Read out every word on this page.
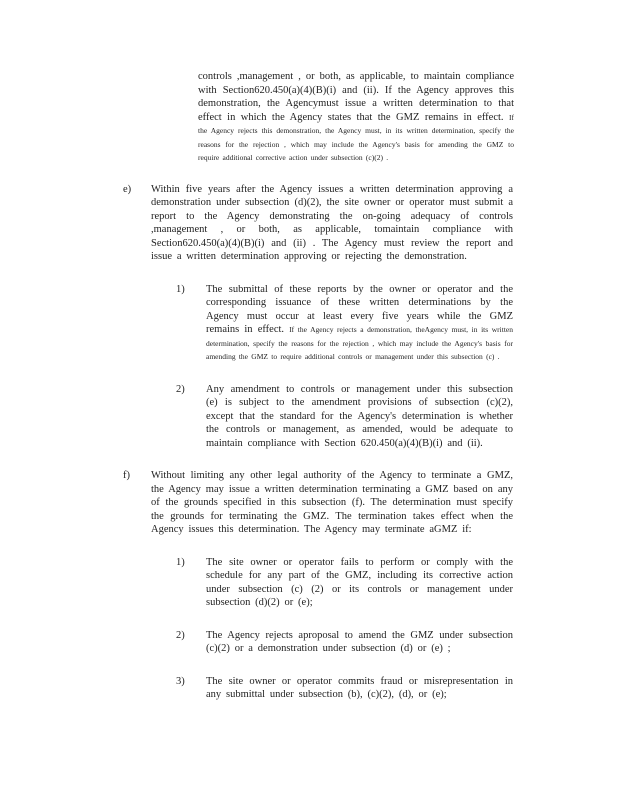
controls ,management , or both, as applicable, to maintain compliance with Section620.450(a)(4)(B)(i) and (ii). If the Agency approves this demonstration, the Agencymust issue a written determination to that effect in which the Agency states that the GMZ remains in effect. If the Agency rejects this demonstration, the Agency must, in its written determination, specify the reasons for the rejection , which may include the Agency's basis for amending the GMZ to require additional corrective action under subsection (c)(2) .

e)	Within five years after the Agency issues a written determination approving a demonstration under subsection (d)(2), the site owner or operator must submit a report to the Agency demonstrating the on-going adequacy of controls ,management , or both, as applicable, tomaintain compliance with Section620.450(a)(4)(B)(i) and (ii) . The Agency must review the report and issue a written determination approving or rejecting the demonstration.

1)	The submittal of these reports by the owner or operator and the corresponding issuance of these written determinations by the Agency must occur at least every five years while the GMZ remains in effect. If the Agency rejects a demonstration, theAgency must, in its written determination, specify the reasons for the rejection , which may include the Agency's basis for amending the GMZ to require additional controls or management under this subsection (c) .

2)	Any amendment to controls or management under this subsection (e) is subject to the amendment provisions of subsection (c)(2), except that the standard for the Agency's determination is whether the controls or management, as amended, would be adequate to maintain compliance with Section 620.450(a)(4)(B)(i) and (ii).

f)	Without limiting any other legal authority of the Agency to terminate a GMZ, the Agency may issue a written determination terminating a GMZ based on any of the grounds specified in this subsection (f). The determination must specify the grounds for terminating the GMZ. The termination takes effect when the Agency issues this determination. The Agency may terminate aGMZ if:

1)	The site owner or operator fails to perform or comply with the schedule for any part of the GMZ, including its corrective action under subsection (c) (2) or its controls or management under subsection (d)(2) or (e);

2)	The Agency rejects aproposal to amend the GMZ under subsection (c)(2) or a demonstration under subsection (d) or (e) ;

3)	The site owner or operator commits fraud or misrepresentation in any submittal under subsection (b), (c)(2), (d), or (e);
